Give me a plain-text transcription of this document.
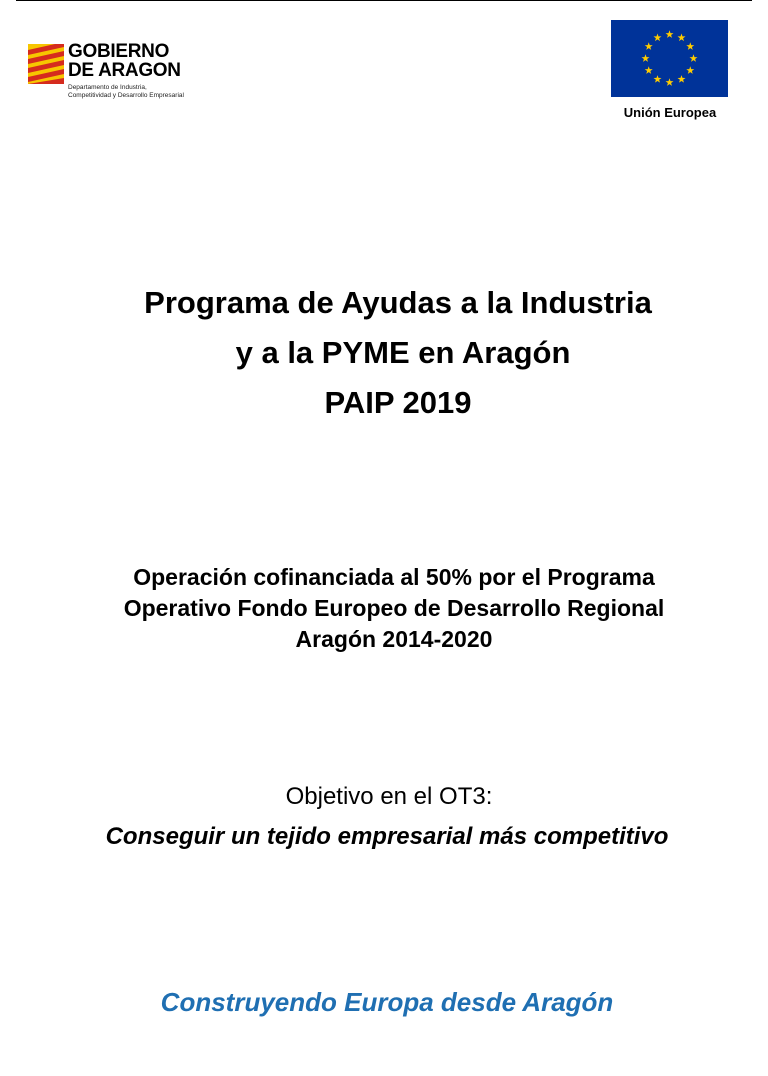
GOBIERNO
DE ARAGON
Departamento de Industria,
Competitividad y Desarrollo Empresarial
Unión Europea
Programa de Ayudas a la Industria
y a la PYME en Aragón
PAIP 2019
Operación cofinanciada al 50% por el Programa
Operativo Fondo Europeo de Desarrollo Regional
Aragón 2014-2020
Objetivo en el OT3:
Conseguir un tejido empresarial más competitivo
Construyendo Europa desde Aragón
